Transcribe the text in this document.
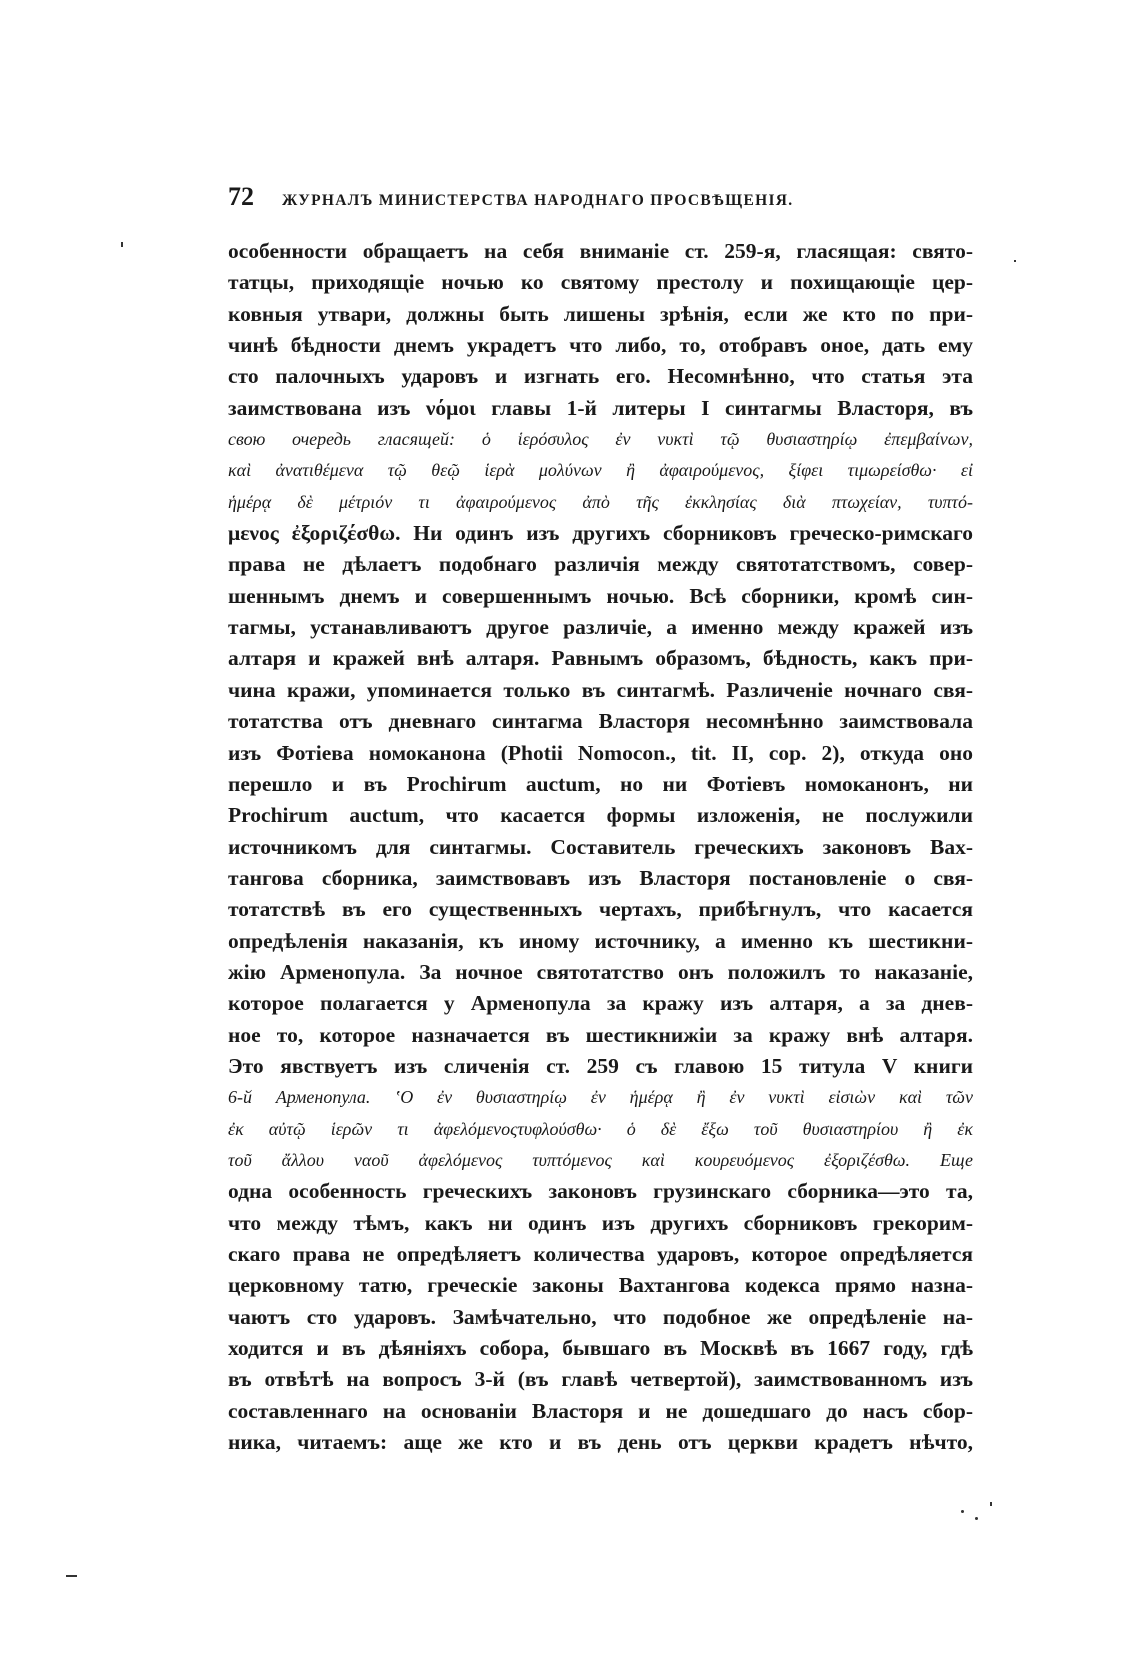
72 ЖУРНАЛЪ МИНИСТЕРСТВА НАРОДНАГО ПРОСВѢЩЕНІЯ.
особенности обращаетъ на себя вниманіе ст. 259-я, гласящая: свято-
татцы, приходящіе ночью ко святому престолу и похищающіе цер-
ковныя утвари, должны быть лишены зрѣнія, если же кто по при-
чинѣ бѣдности днемъ украдетъ что либо, то, отобравъ оное, дать ему
сто палочныхъ ударовъ и изгнать его. Несомнѣнно, что статья эта
заимствована изъ νόμοι главы 1-й литеры I синтагмы Власторя, въ
свою очередь гласящей: ὁ ἱερόσυλος ἐν νυκτὶ τῷ θυσιαστηρίῳ ἐπεμβαίνων,
καὶ ἀνατιθέμενα τῷ θεῷ ἱερὰ μολύνων ἢ ἀφαιρούμενος, ξίφει τιμωρείσθω· εἰ
ἡμέρᾳ δὲ μέτριόν τι ἀφαιρούμενος ἀπὸ τῆς ἐκκλησίας διὰ πτωχείαν, τυπτό-
μενος ἐξοριζέσθω. Ни одинъ изъ другихъ сборниковъ греческо-римскаго
права не дѣлаетъ подобнаго различія между святотатствомъ, совер-
шеннымъ днемъ и совершеннымъ ночью. Всѣ сборники, кромѣ син-
тагмы, устанавливаютъ другое различіе, а именно между кражей изъ
алтаря и кражей внѣ алтаря. Равнымъ образомъ, бѣдность, какъ при-
чина кражи, упоминается только въ синтагмѣ. Различеніе ночнаго свя-
тотатства отъ дневнаго синтагма Власторя несомнѣнно заимствовала
изъ Фотіева номоканона (Photii Nomocon., tit. II, cop. 2), откуда оно
перешло и въ Prochirum auctum, но ни Фотіевъ номоканонъ, ни
Prochirum auctum, что касается формы изложенія, не послужили
источникомъ для синтагмы. Составитель греческихъ законовъ Вах-
тангова сборника, заимствовавъ изъ Власторя постановленіе о свя-
тотатствѣ въ его существенныхъ чертахъ, прибѣгнулъ, что касается
опредѣленія наказанія, къ иному источнику, а именно къ шестикни-
жію Арменопула. За ночное святотатство онъ положилъ то наказаніе,
которое полагается у Арменопула за кражу изъ алтаря, а за днев-
ное то, которое назначается въ шестикнижіи за кражу внѣ алтаря.
Это явствуетъ изъ сличенія ст. 259 съ главою 15 титула V книги
6-й Арменопула. ʽО ἐν θυσιαστηρίῳ ἐν ἡμέρᾳ ἢ ἐν νυκτὶ εἰσιὼν καὶ τῶν
ἐκ αὐτῷ ἱερῶν τι ἀφελόμενοςτυφλούσθω· ὁ δὲ ἔξω τοῦ θυσιαστηρίου ἢ ἐκ
τοῦ ἄλλου ναοῦ ἀφελόμενος τυπτόμενος καὶ κουρευόμενος ἐξοριζέσθω. Еще
одна особенность греческихъ законовъ грузинскаго сборника—это та,
что между тѣмъ, какъ ни одинъ изъ другихъ сборниковъ грекорим-
скаго права не опредѣляетъ количества ударовъ, которое опредѣляется
церковному татю, греческіе законы Вахтангова кодекса прямо назна-
чаютъ сто ударовъ. Замѣчательно, что подобное же опредѣленіе на-
ходится и въ дѣяніяхъ собора, бывшаго въ Москвѣ въ 1667 году, гдѣ
въ отвѣтѣ на вопросъ 3-й (въ главѣ четвертой), заимствованномъ изъ
составленнаго на основаніи Власторя и не дошедшаго до насъ сбор-
ника, читаемъ: аще же кто и въ день отъ церкви крадетъ нѣчто,
